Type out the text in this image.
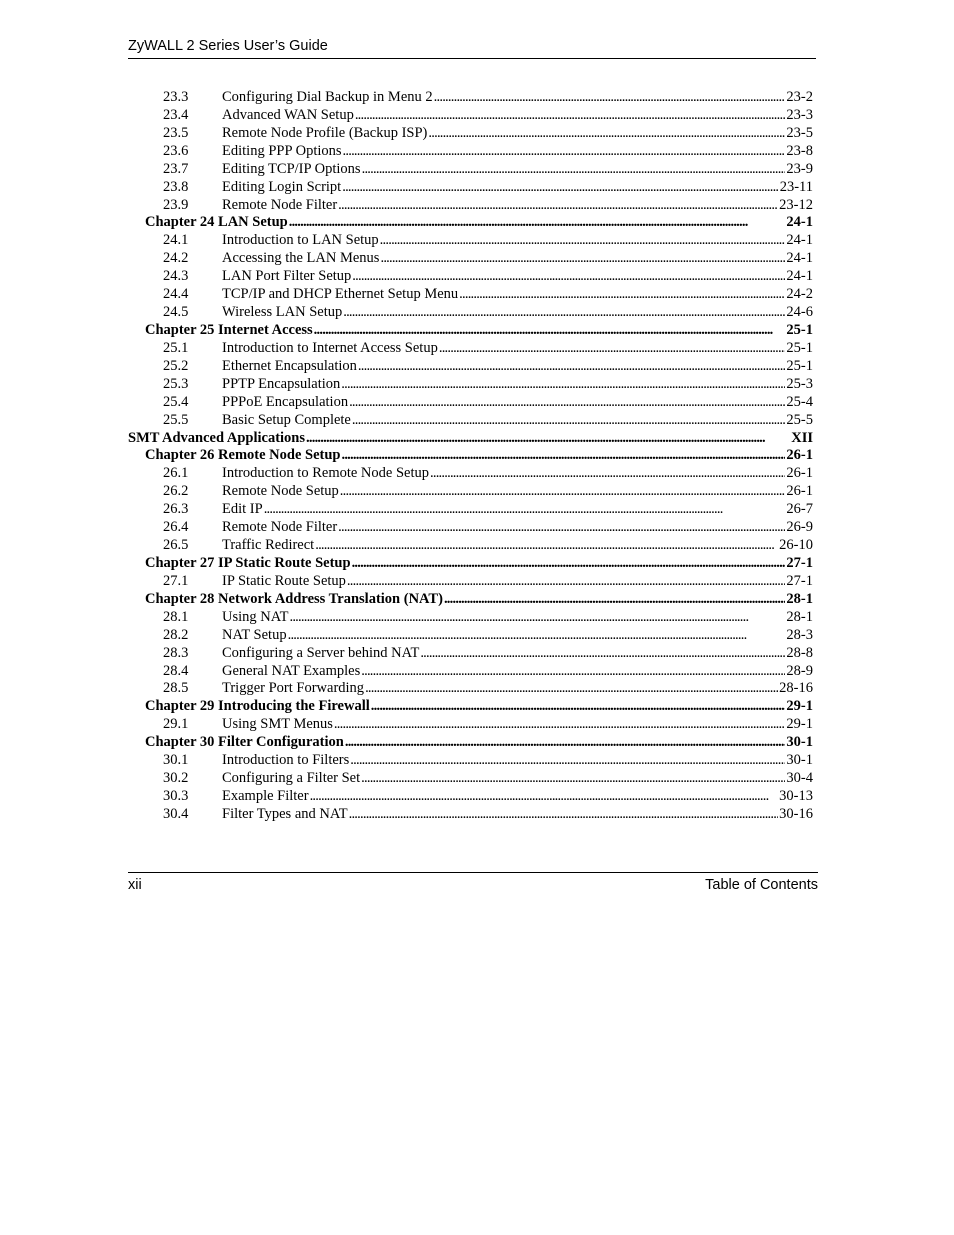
ZyWALL 2 Series User’s Guide
23.3	Configuring Dial Backup in Menu 2 . . .	23-2
23.4	Advanced WAN Setup . . .	23-3
23.5	Remote Node Profile (Backup ISP) . . .	23-5
23.6	Editing PPP Options . . .	23-8
23.7	Editing TCP/IP Options . . .	23-9
23.8	Editing Login Script . . .	23-11
23.9	Remote Node Filter . . .	23-12
Chapter 24 LAN Setup . . .	24-1
24.1	Introduction to LAN Setup . . .	24-1
24.2	Accessing the LAN Menus . . .	24-1
24.3	LAN Port Filter Setup . . .	24-1
24.4	TCP/IP and DHCP Ethernet Setup Menu . . .	24-2
24.5	Wireless LAN Setup . . .	24-6
Chapter 25 Internet Access . . .	25-1
25.1	Introduction to Internet Access Setup . . .	25-1
25.2	Ethernet Encapsulation . . .	25-1
25.3	PPTP Encapsulation . . .	25-3
25.4	PPPoE Encapsulation . . .	25-4
25.5	Basic Setup Complete . . .	25-5
SMT Advanced Applications . . .	XII
Chapter 26 Remote Node Setup . . .	26-1
26.1	Introduction to Remote Node Setup . . .	26-1
26.2	Remote Node Setup . . .	26-1
26.3	Edit IP . . .	26-7
26.4	Remote Node Filter . . .	26-9
26.5	Traffic Redirect . . .	26-10
Chapter 27 IP Static Route Setup . . .	27-1
27.1	IP Static Route Setup . . .	27-1
Chapter 28 Network Address Translation (NAT) . . .	28-1
28.1	Using NAT . . .	28-1
28.2	NAT Setup . . .	28-3
28.3	Configuring a Server behind NAT . . .	28-8
28.4	General NAT Examples . . .	28-9
28.5	Trigger Port Forwarding . . .	28-16
Chapter 29 Introducing the Firewall . . .	29-1
29.1	Using SMT Menus . . .	29-1
Chapter 30 Filter Configuration . . .	30-1
30.1	Introduction to Filters . . .	30-1
30.2	Configuring a Filter Set . . .	30-4
30.3	Example Filter . . .	30-13
30.4	Filter Types and NAT . . .	30-16
xii	Table of Contents
